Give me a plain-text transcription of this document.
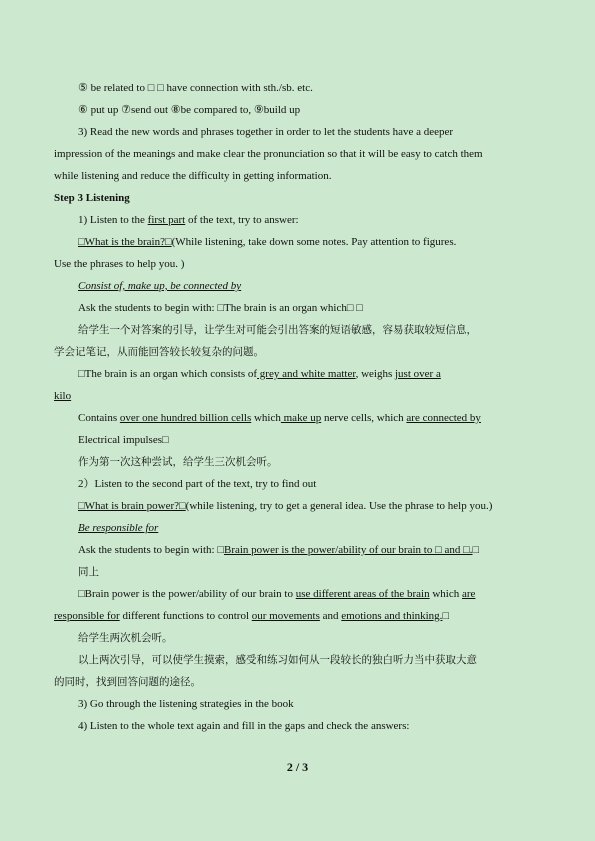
⑤ be related to □ □ have connection with sth./sb. etc.
⑥ put up ⑦send out ⑧be compared to, ⑨build up
3) Read the new words and phrases together in order to let the students have a deeper
impression of the meanings and make clear the pronunciation so that it will be easy to catch them
while listening and reduce the difficulty in getting information.
Step 3 Listening
1) Listen to the first part of the text, try to answer:
□What is the brain?□(While listening, take down some notes. Pay attention to figures.
Use the phrases to help you. )
Consist of, make up, be connected by
Ask the students to begin with: □The brain is an organ which□ □
给学生一个对答案的引导，让学生对可能会引出答案的短语敏感，容易获取较短信息，
学会记笔记，从而能回答较长较复杂的问题。
□The brain is an organ which consists of grey and white matter, weighs just over a
kilo
Contains over one hundred billion cells which make up nerve cells, which are connected by
Electrical impulses□
作为第一次这种尝试，给学生三次机会听。
2）Listen to the second part of the text, try to find out
□What is brain power?□(while listening, try to get a general idea. Use the phrase to help you.)
Be responsible for
Ask the students to begin with: □Brain power is the power/ability of our brain to □ and □.□
同上
□Brain power is the power/ability of our brain to use different areas of the brain which are
responsible for different functions to control our movements and emotions and thinking.□
给学生两次机会听。
以上两次引导，可以使学生摸索，感受和练习如何从一段较长的独白听力当中获取大意
的同时，找到回答问题的途径。
3) Go through the listening strategies in the book
4) Listen to the whole text again and fill in the gaps and check the answers:
2 / 3
